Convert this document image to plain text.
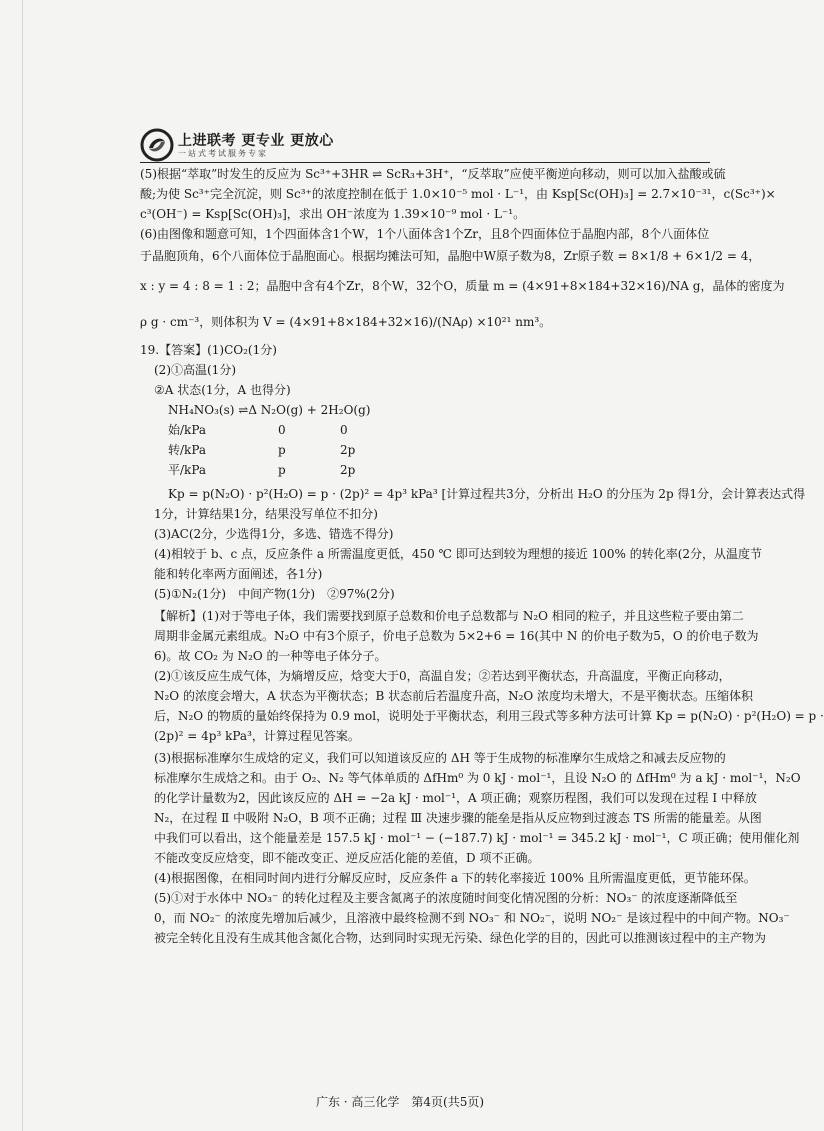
上进联考 更专业 更放心
一站式考试服务专家
(5)根据“萃取”时发生的反应为 Sc³⁺+3HR ⇌ ScR₃+3H⁺，“反萃取”应使平衡逆向移动，则可以加入盐酸或硫
酸;为使 Sc³⁺完全沉淀，则 Sc³⁺的浓度控制在低于 1.0×10⁻⁵ mol · L⁻¹，由 Ksp[Sc(OH)₃] = 2.7×10⁻³¹，c(Sc³⁺)×
c³(OH⁻) = Ksp[Sc(OH)₃]，求出 OH⁻浓度为 1.39×10⁻⁹ mol · L⁻¹。
(6)由图像和题意可知，1个四面体含1个W，1个八面体含1个Zr，且8个四面体位于晶胞内部，8个八面体位
于晶胞顶角，6个八面体位于晶胞面心。根据均摊法可知，晶胞中W原子数为8，Zr原子数 = 8×1/8 + 6×1/2 = 4，
x : y = 4 : 8 = 1 : 2；晶胞中含有4个Zr，8个W，32个O，质量 m = (4×91+8×184+32×16)/NA g，晶体的密度为
ρ g · cm⁻³，则体积为 V = (4×91+8×184+32×16)/(NAρ) ×10²¹ nm³。
19.【答案】(1)CO₂(1分)
(2)①高温(1分)
②A 状态(1分，A 也得分)
NH₄NO₃(s) ⇌Δ N₂O(g) + 2H₂O(g)
始/kPa	0	0
转/kPa	p	2p
平/kPa	p	2p
Kp = p(N₂O) · p²(H₂O) = p · (2p)² = 4p³ kPa³ [计算过程共3分，分析出 H₂O 的分压为 2p 得1分，会计算表达式得
1分，计算结果1分，结果没写单位不扣分)
(3)AC(2分，少选得1分，多选、错选不得分)
(4)相较于 b、c 点，反应条件 a 所需温度更低，450 ℃ 即可达到较为理想的接近 100% 的转化率(2分，从温度节
能和转化率两方面阐述，各1分)
(5)①N₂(1分)　中间产物(1分)　②97%(2分)
【解析】(1)对于等电子体，我们需要找到原子总数和价电子总数都与 N₂O 相同的粒子，并且这些粒子要由第二
周期非金属元素组成。N₂O 中有3个原子，价电子总数为 5×2+6 = 16(其中 N 的价电子数为5，O 的价电子数为
6)。故 CO₂ 为 N₂O 的一种等电子体分子。
(2)①该反应生成气体，为熵增反应，焓变大于0，高温自发；②若达到平衡状态，升高温度，平衡正向移动，
N₂O 的浓度会增大，A 状态为平衡状态；B 状态前后若温度升高，N₂O 浓度均未增大，不是平衡状态。压缩体积
后，N₂O 的物质的量始终保持为 0.9 mol，说明处于平衡状态，利用三段式等多种方法可计算 Kp = p(N₂O) · p²(H₂O) = p ·
(2p)² = 4p³ kPa³，计算过程见答案。
(3)根据标准摩尔生成焓的定义，我们可以知道该反应的 ΔH 等于生成物的标准摩尔生成焓之和减去反应物的
标准摩尔生成焓之和。由于 O₂、N₂ 等气体单质的 ΔfHm⁰ 为 0 kJ · mol⁻¹，且设 N₂O 的 ΔfHm⁰ 为 a kJ · mol⁻¹，N₂O
的化学计量数为2，因此该反应的 ΔH = −2a kJ · mol⁻¹，A 项正确；观察历程图，我们可以发现在过程 Ⅰ 中释放
N₂，在过程 Ⅱ 中吸附 N₂O，B 项不正确；过程 Ⅲ 决速步骤的能垒是指从反应物到过渡态 TS 所需的能量差。从图
中我们可以看出，这个能量差是 157.5 kJ · mol⁻¹ − (−187.7) kJ · mol⁻¹ = 345.2 kJ · mol⁻¹，C 项正确；使用催化剂
不能改变反应焓变，即不能改变正、逆反应活化能的差值，D 项不正确。
(4)根据图像，在相同时间内进行分解反应时，反应条件 a 下的转化率接近 100% 且所需温度更低，更节能环保。
(5)①对于水体中 NO₃⁻ 的转化过程及主要含氮离子的浓度随时间变化情况图的分析：NO₃⁻ 的浓度逐渐降低至
0，而 NO₂⁻ 的浓度先增加后减少，且溶液中最终检测不到 NO₃⁻ 和 NO₂⁻，说明 NO₂⁻ 是该过程中的中间产物。NO₃⁻
被完全转化且没有生成其他含氮化合物，达到同时实现无污染、绿色化学的目的，因此可以推测该过程中的主产物为
广东 · 高三化学　第4页(共5页)
